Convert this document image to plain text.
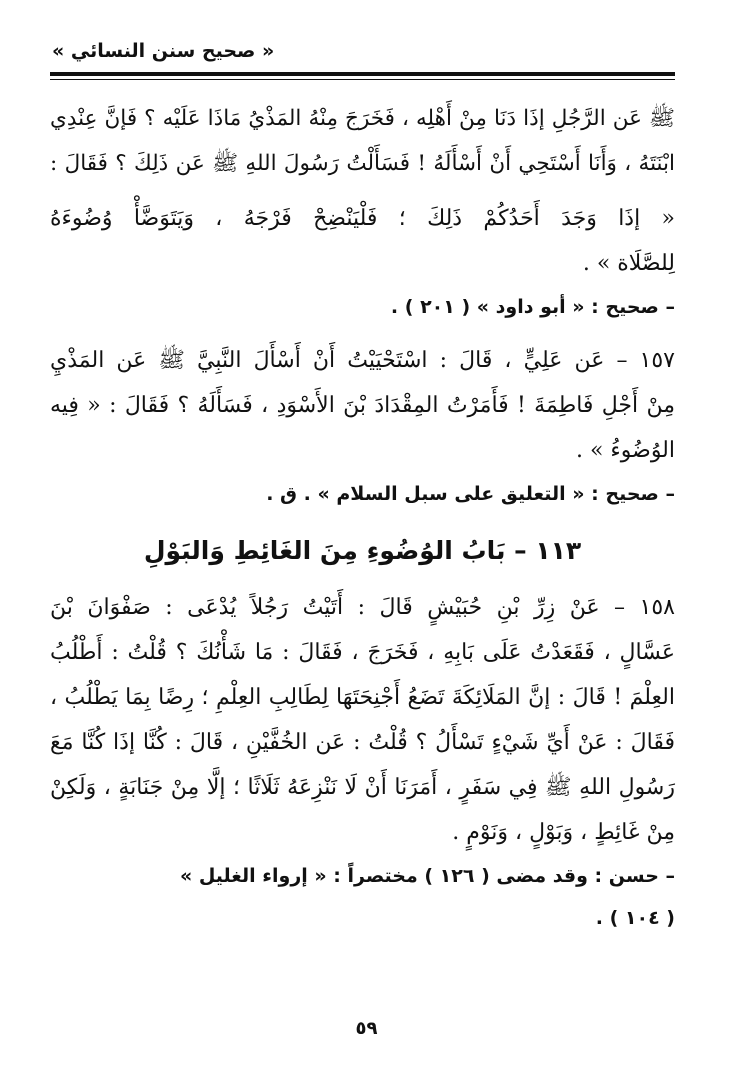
« صحيح سنن النسائي »
ﷺ عَن الرَّجُلِ إذَا دَنَا مِنْ أَهْلِه ، فَخَرَجَ مِنْهُ المَذْيُ مَاذَا عَلَيْه ؟ فَإنَّ عِنْدِي
ابْنَتَهُ ، وَأَنَا أَسْتَحِي أَنْ أَسْأَلَهُ ! فَسَأَلْتُ رَسُولَ اللهِ ﷺ عَن ذَلِكَ ؟ فَقَالَ :
« إذَا وَجَدَ أَحَدُكُمْ ذَلِكَ ؛ فَلْيَنْضِحْ فَرْجَهُ ، وَيَتَوَضَّأْ وُضُوءَهُ
لِلصَّلَاة » .
– صحيح : « أبو داود » ( ٢٠١ ) .
١٥٧ – عَن عَلِيٍّ ، قَالَ : اسْتَحْيَيْتُ أَنْ أَسْأَلَ النَّبِيَّ ﷺ عَن المَذْيِ
مِنْ أَجْلِ فَاطِمَةَ ! فَأَمَرْتُ المِقْدَادَ بْنَ الأَسْوَدِ ، فَسَأَلَهُ ؟ فَقَالَ : « فِيه
الوُضُوءُ » .
– صحيح : « التعليق على سبل السلام » . ق .
١١٣ – بَابُ الوُضُوءِ مِنَ الغَائِطِ وَالبَوْلِ
١٥٨ – عَنْ زِرِّ بْنِ حُبَيْشٍ قَالَ : أَتَيْتُ رَجُلاً يُدْعَى : صَفْوَانَ بْنَ
عَسَّالٍ ، فَقَعَدْتُ عَلَى بَابِهِ ، فَخَرَجَ ، فَقَالَ : مَا شَأْنُكَ ؟ قُلْتُ : أَطْلُبُ
العِلْمَ ! قَالَ : إنَّ المَلَائِكَةَ تَضَعُ أَجْنِحَتَهَا لِطَالِبِ العِلْمِ ؛ رِضًا بِمَا يَطْلُبُ ،
فَقَالَ : عَنْ أَيِّ شَيْءٍ تَسْأَلُ ؟ قُلْتُ : عَن الخُفَّيْنِ ، قَالَ : كُنَّا إذَا كُنَّا مَعَ
رَسُولِ اللهِ ﷺ فِي سَفَرٍ ، أَمَرَنَا أَنْ لَا نَنْزِعَهُ ثَلَاثًا ؛ إلَّا مِنْ جَنَابَةٍ ، وَلَكِنْ
مِنْ غَائِطٍ ، وَبَوْلٍ ، وَنَوْمٍ .
– حسن : وقد مضى ( ١٢٦ ) مختصراً : « إرواء الغليل »
( ١٠٤ ) .
٥٩
